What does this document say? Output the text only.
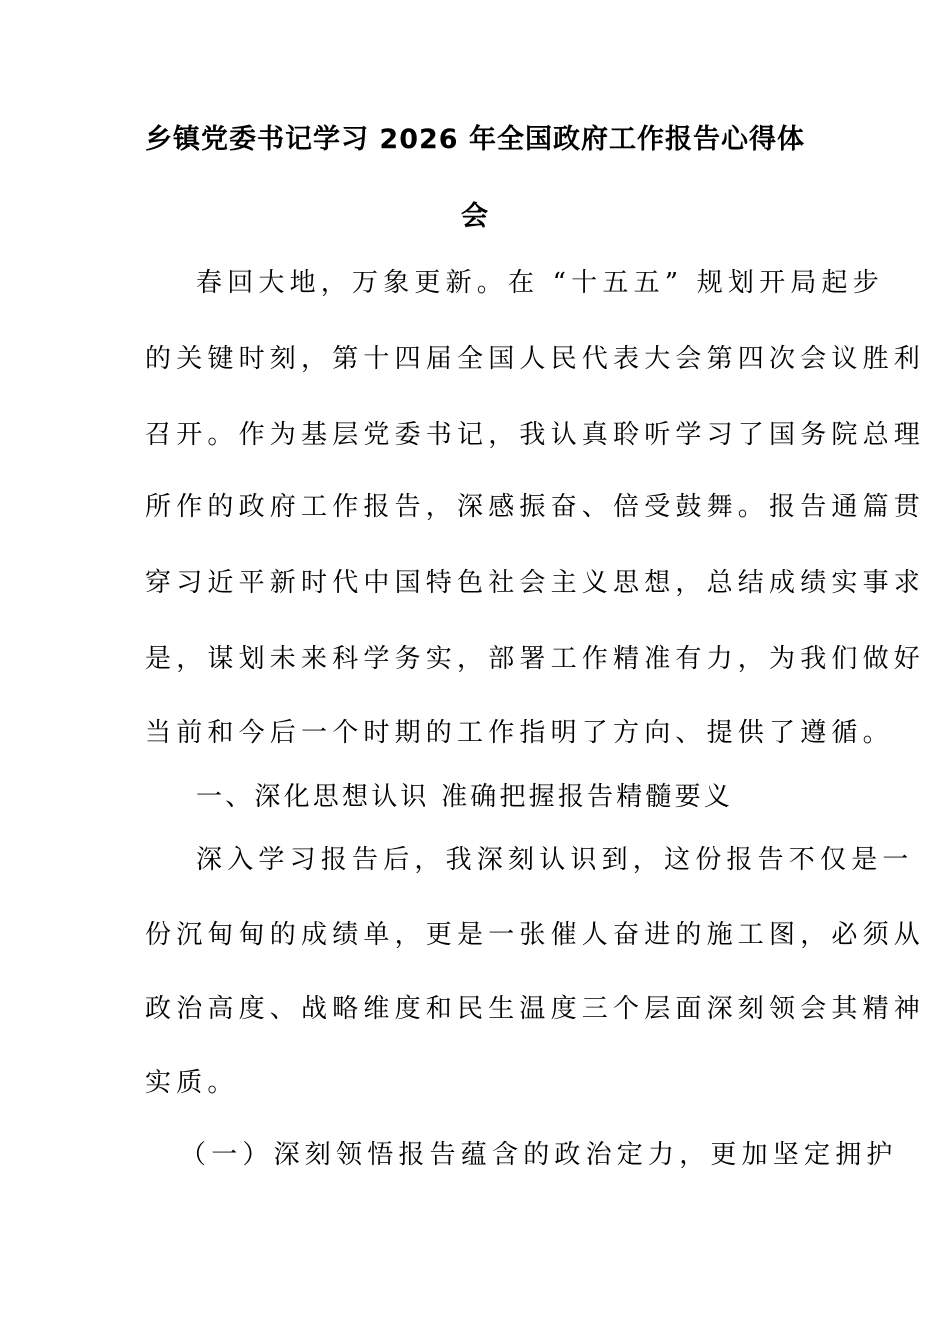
乡镇党委书记学习 2026 年全国政府工作报告心得体
会
春回大地，万象更新。在 “十五五” 规划开局起步
的关键时刻，第十四届全国人民代表大会第四次会议胜利
召开。作为基层党委书记，我认真聆听学习了国务院总理
所作的政府工作报告，深感振奋、倍受鼓舞。报告通篇贯
穿习近平新时代中国特色社会主义思想，总结成绩实事求
是，谋划未来科学务实，部署工作精准有力，为我们做好
当前和今后一个时期的工作指明了方向、提供了遵循。
一、深化思想认识 准确把握报告精髓要义
深入学习报告后，我深刻认识到，这份报告不仅是一
份沉甸甸的成绩单，更是一张催人奋进的施工图，必须从
政治高度、战略维度和民生温度三个层面深刻领会其精神
实质。
（一）深刻领悟报告蕴含的政治定力，更加坚定拥护
